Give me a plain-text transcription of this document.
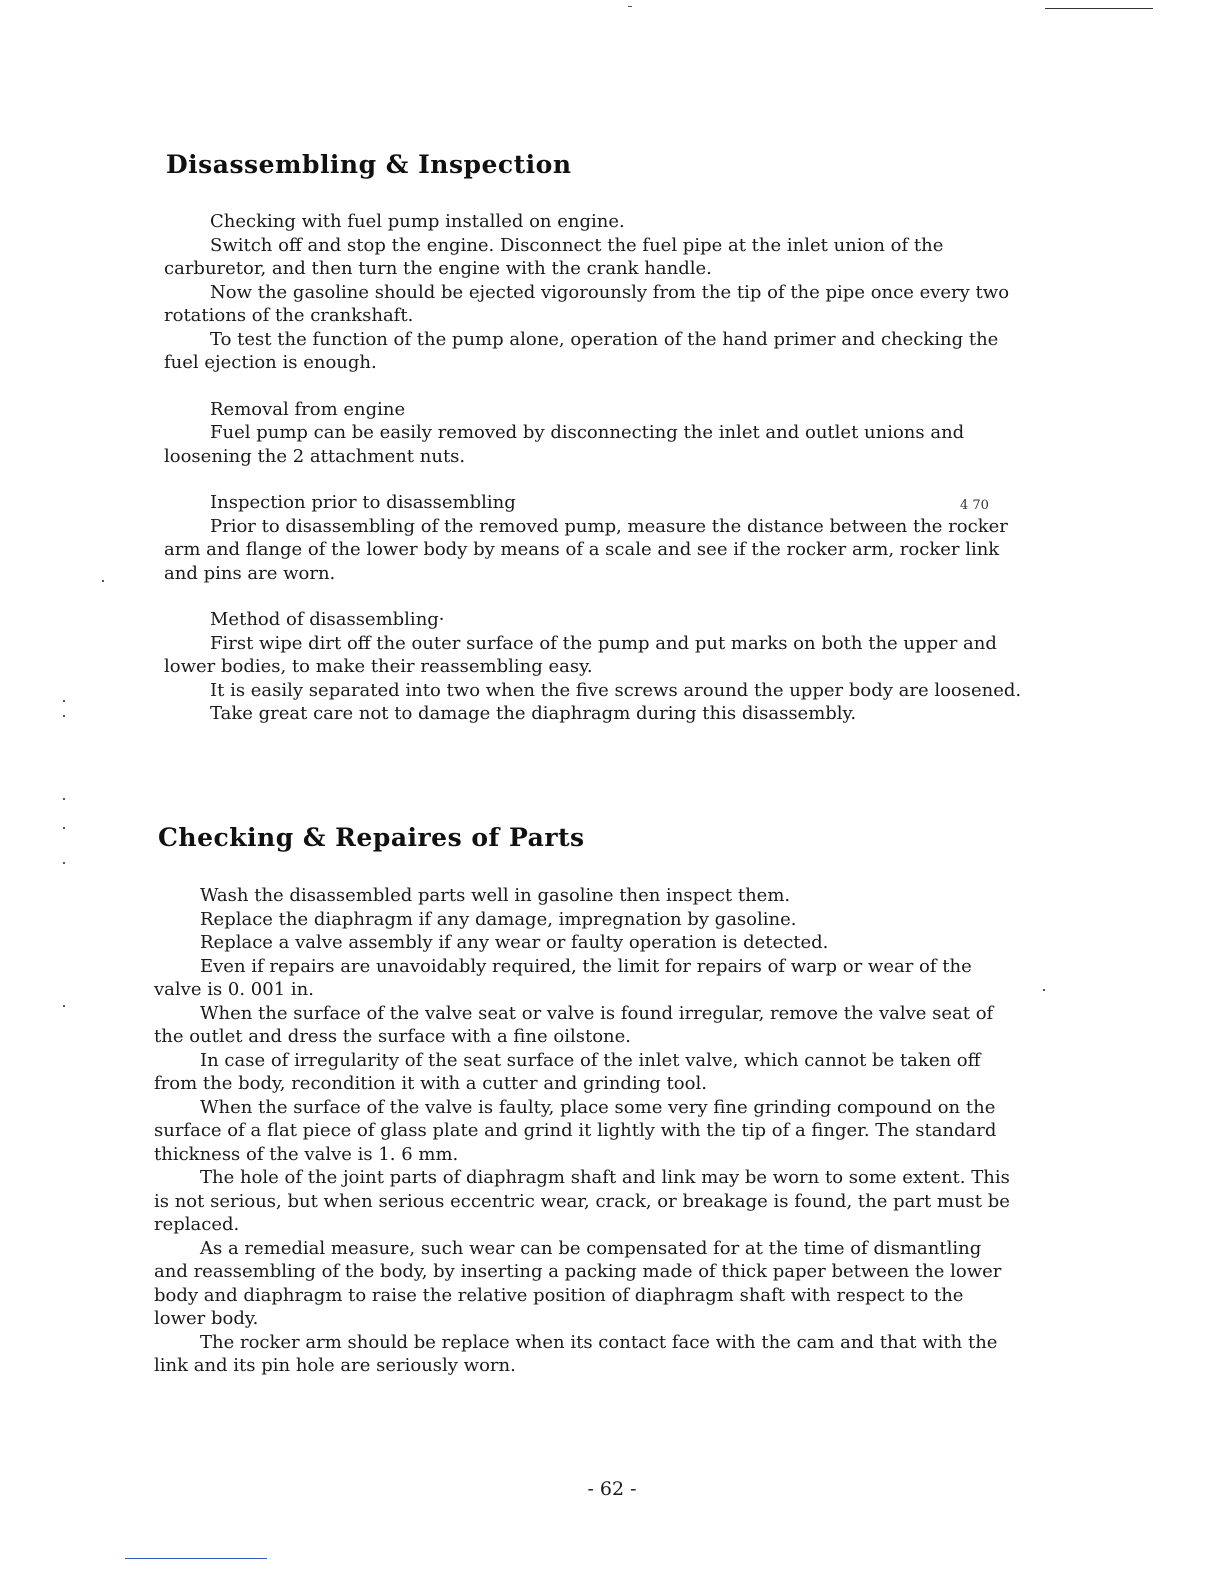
Disassembling & Inspection

Checking with fuel pump installed on engine.

Switch off and stop the engine. Disconnect the fuel pipe at the inlet union of the carburetor, and then turn the engine with the crank handle.

Now the gasoline should be ejected vigorounsly from the tip of the pipe once every two rotations of the crankshaft.

To test the function of the pump alone, operation of the hand primer and checking the fuel ejection is enough.

Removal from engine

Fuel pump can be easily removed by disconnecting the inlet and outlet unions and loosening the 2 attachment nuts.

Inspection prior to disassembling

Prior to disassembling of the removed pump, measure the distance between the rocker arm and flange of the lower body by means of a scale and see if the rocker arm, rocker link and pins are worn.

Method of disassembling·

First wipe dirt off the outer surface of the pump and put marks on both the upper and lower bodies, to make their reassembling easy.

It is easily separated into two when the five screws around the upper body are loosened.

Take great care not to damage the diaphragm during this disassembly.

4 70
Checking & Repaires of Parts

Wash the disassembled parts well in gasoline then inspect them.

Replace the diaphragm if any damage, impregnation by gasoline.

Replace a valve assembly if any wear or faulty operation is detected.

Even if repairs are unavoidably required, the limit for repairs of warp or wear of the valve is 0. 001 in.

When the surface of the valve seat or valve is found irregular, remove the valve seat of the outlet and dress the surface with a fine oilstone.

In case of irregularity of the seat surface of the inlet valve, which cannot be taken off from the body, recondition it with a cutter and grinding tool.

When the surface of the valve is faulty, place some very fine grinding compound on the surface of a flat piece of glass plate and grind it lightly with the tip of a finger. The standard thickness of the valve is 1. 6 mm.

The hole of the joint parts of diaphragm shaft and link may be worn to some extent. This is not serious, but when serious eccentric wear, crack, or breakage is found, the part must be replaced.

As a remedial measure, such wear can be compensated for at the time of dismantling and reassembling of the body, by inserting a packing made of thick paper between the lower body and diaphragm to raise the relative position of diaphragm shaft with respect to the lower body.

The rocker arm should be replace when its contact face with the cam and that with the link and its pin hole are seriously worn.

- 62 -
